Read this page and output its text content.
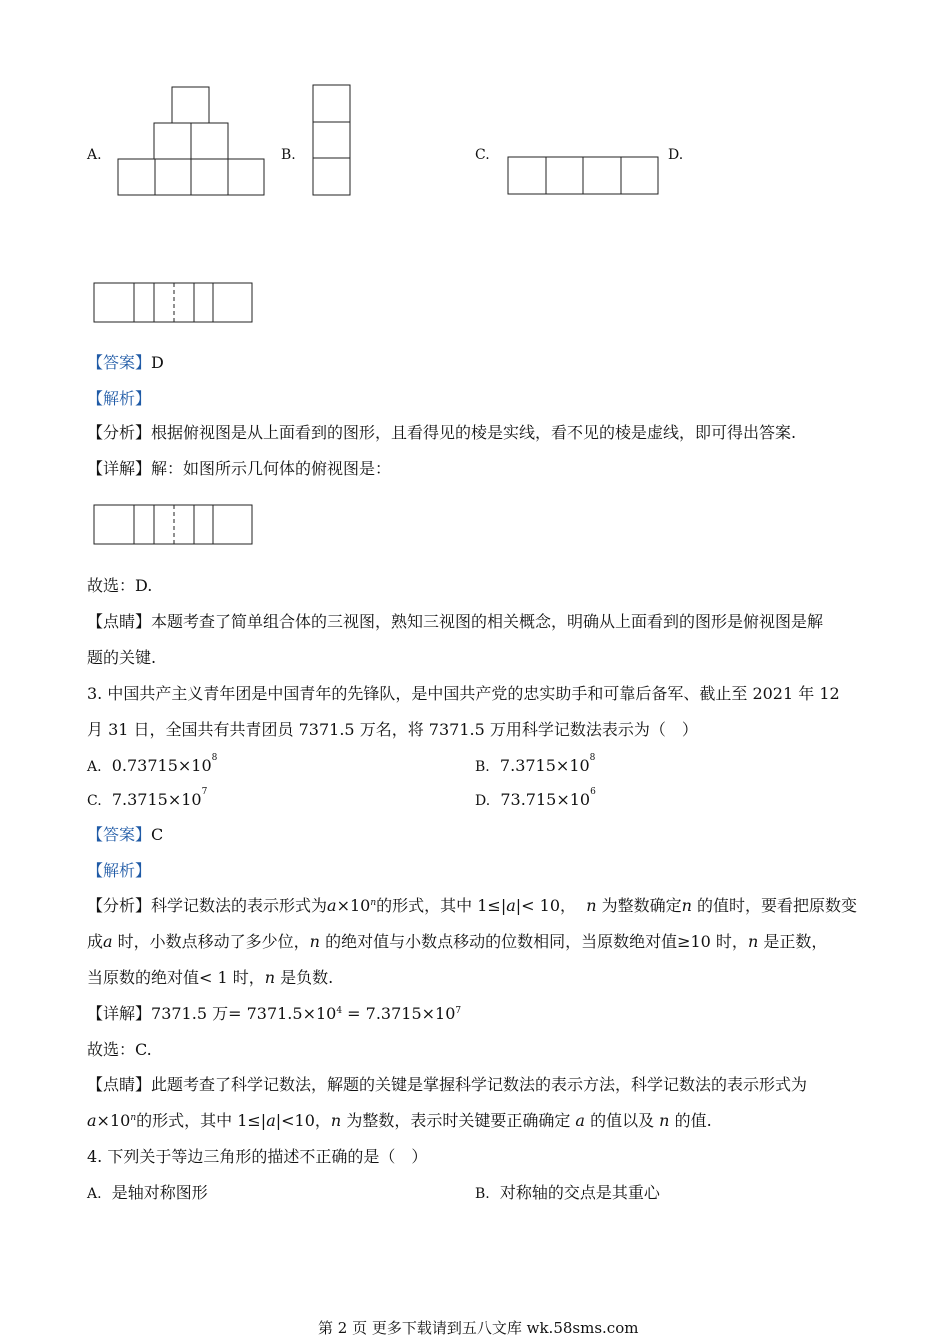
A.	B.	C.	D.
【答案】D
【解析】
【分析】根据俯视图是从上面看到的图形，且看得见的棱是实线，看不见的棱是虚线，即可得出答案.
【详解】解：如图所示几何体的俯视图是：
故选：D.
【点睛】本题考查了简单组合体的三视图，熟知三视图的相关概念，明确从上面看到的图形是俯视图是解
题的关键.
3. 中国共产主义青年团是中国青年的先锋队，是中国共产党的忠实助手和可靠后备军、截止至 2021 年 12
月 31 日，全国共有共青团员 7371.5 万名，将 7371.5 万用科学记数法表示为（　）
A. $0.73715\times 10^8$
B. $7.3715\times 10^8$
C. $7.3715\times 10^7$
D. $73.715\times 10^6$
【答案】C
【解析】
【分析】科学记数法的表示形式为$a\times 10^n$的形式，其中 1≤|a|< 10， n 为整数确定n 的值时，要看把原数变
成a 时，小数点移动了多少位，n 的绝对值与小数点移动的位数相同，当原数绝对值≥10 时，n 是正数，
当原数的绝对值< 1 时，n 是负数.
【详解】7371.5 万= $7371.5\times 10^4 = 7.3715\times 10^7$
故选：C.
【点睛】此题考查了科学记数法，解题的关键是掌握科学记数法的表示方法，科学记数法的表示形式为
$a\times 10^n$的形式，其中 1≤|a|<10，n 为整数，表示时关键要正确确定 a 的值以及 n 的值.
4. 下列关于等边三角形的描述不正确的是（　）
A. 是轴对称图形	B. 对称轴的交点是其重心
第 2 页 更多下载请到五八文库 wk.58sms.com
